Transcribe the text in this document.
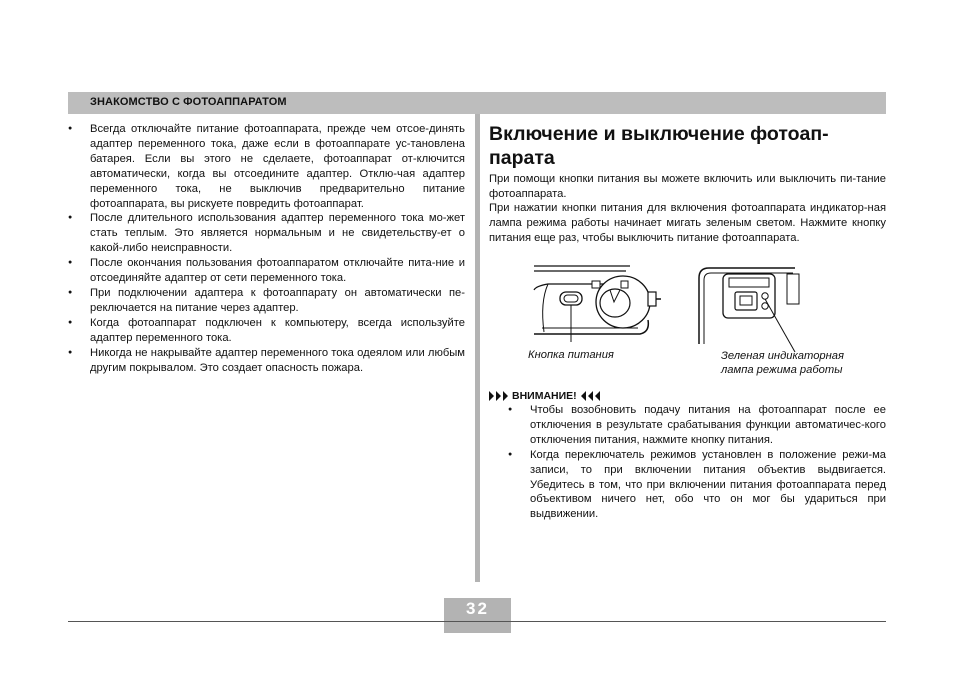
ЗНАКОМСТВО С ФОТОАППАРАТОМ
● Всегда отключайте питание фотоаппарата, прежде чем отсое-динять адаптер переменного тока, даже если в фотоаппарате ус-тановлена батарея. Если вы этого не сделаете, фотоаппарат от-ключится автоматически, когда вы отсоедините адаптер. Отклю-чая адаптер переменного тока, не выключив предварительно питание фотоаппарата, вы рискуете повредить фотоаппарат.
● После длительного использования адаптер переменного тока мо-жет стать теплым. Это является нормальным и не свидетельству-ет о какой-либо неисправности.
● После окончания пользования фотоаппаратом отключайте пита-ние и отсоединяйте адаптер от сети переменного тока.
● При подключении адаптера к фотоаппарату он автоматически пе-реключается на питание через адаптер.
● Когда фотоаппарат подключен к компьютеру, всегда используйте адаптер переменного тока.
● Никогда не накрывайте адаптер переменного тока одеялом или любым другим покрывалом. Это создает опасность пожара.
Включение и выключение фотоап-парата

При помощи кнопки питания вы можете включить или выключить пи-тание фотоаппарата.

При нажатии кнопки питания для включения фотоаппарата индикатор-ная лампа режима работы начинает мигать зеленым светом. Нажмите кнопку питания еще раз, чтобы выключить питание фотоаппарата.

Кнопка питания	Зеленая индикаторная
лампа режима работы
ВНИМАНИЕ!
● Чтобы возобновить подачу питания на фотоаппарат после ее отключения в результате срабатывания функции автоматичес-кого отключения питания, нажмите кнопку питания.
● Когда переключатель режимов установлен в положение режи-ма записи, то при включении питания объектив выдвигается. Убедитесь в том, что при включении питания фотоаппарата перед объективом ничего нет, обо что он мог бы удариться при выдвижении.
32
